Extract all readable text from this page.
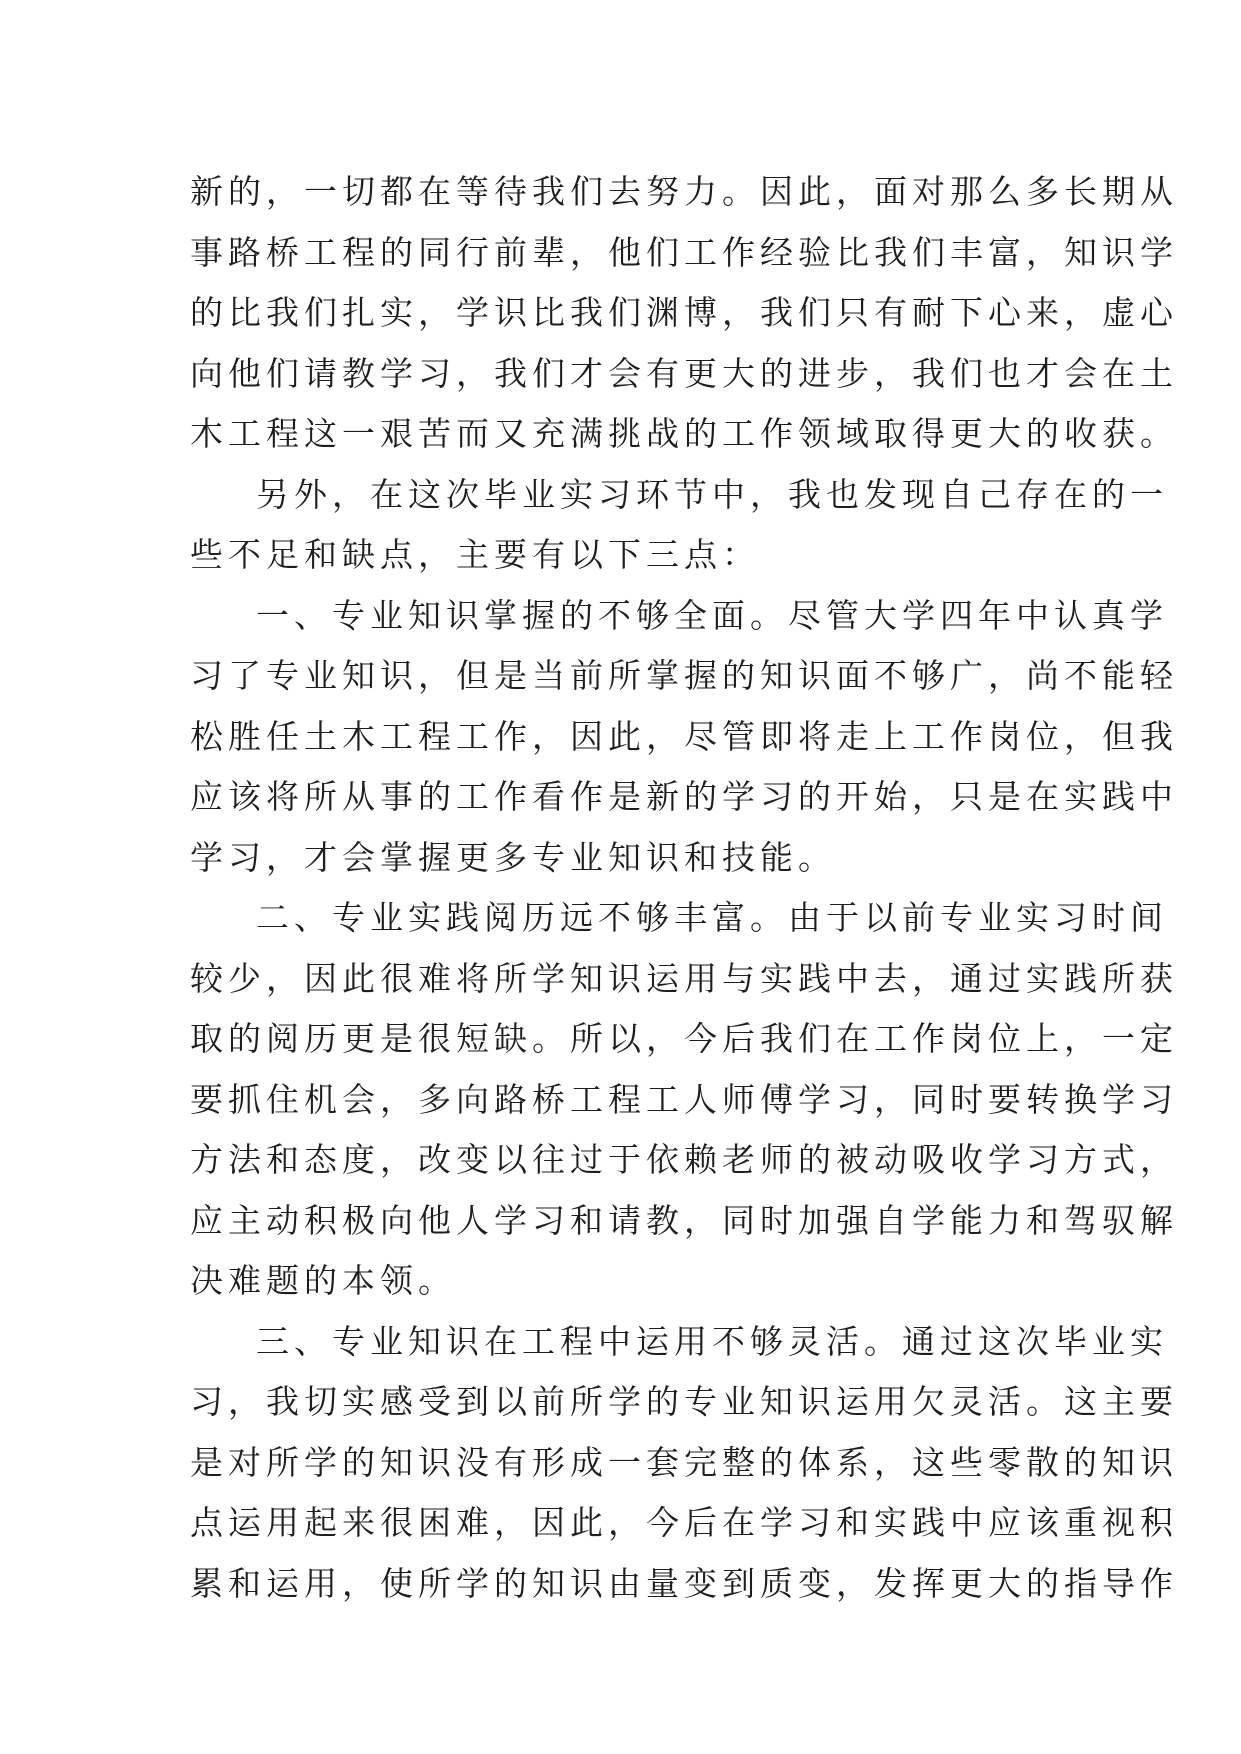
新的，一切都在等待我们去努力。因此，面对那么多长期从
事路桥工程的同行前辈，他们工作经验比我们丰富，知识学
的比我们扎实，学识比我们渊博，我们只有耐下心来，虚心
向他们请教学习，我们才会有更大的进步，我们也才会在土
木工程这一艰苦而又充满挑战的工作领域取得更大的收获。
另外，在这次毕业实习环节中，我也发现自己存在的一
些不足和缺点，主要有以下三点：
一、专业知识掌握的不够全面。尽管大学四年中认真学
习了专业知识，但是当前所掌握的知识面不够广，尚不能轻
松胜任土木工程工作，因此，尽管即将走上工作岗位，但我
应该将所从事的工作看作是新的学习的开始，只是在实践中
学习，才会掌握更多专业知识和技能。
二、专业实践阅历远不够丰富。由于以前专业实习时间
较少，因此很难将所学知识运用与实践中去，通过实践所获
取的阅历更是很短缺。所以，今后我们在工作岗位上，一定
要抓住机会，多向路桥工程工人师傅学习，同时要转换学习
方法和态度，改变以往过于依赖老师的被动吸收学习方式，
应主动积极向他人学习和请教，同时加强自学能力和驾驭解
决难题的本领。
三、专业知识在工程中运用不够灵活。通过这次毕业实
习，我切实感受到以前所学的专业知识运用欠灵活。这主要
是对所学的知识没有形成一套完整的体系，这些零散的知识
点运用起来很困难，因此，今后在学习和实践中应该重视积
累和运用，使所学的知识由量变到质变，发挥更大的指导作
